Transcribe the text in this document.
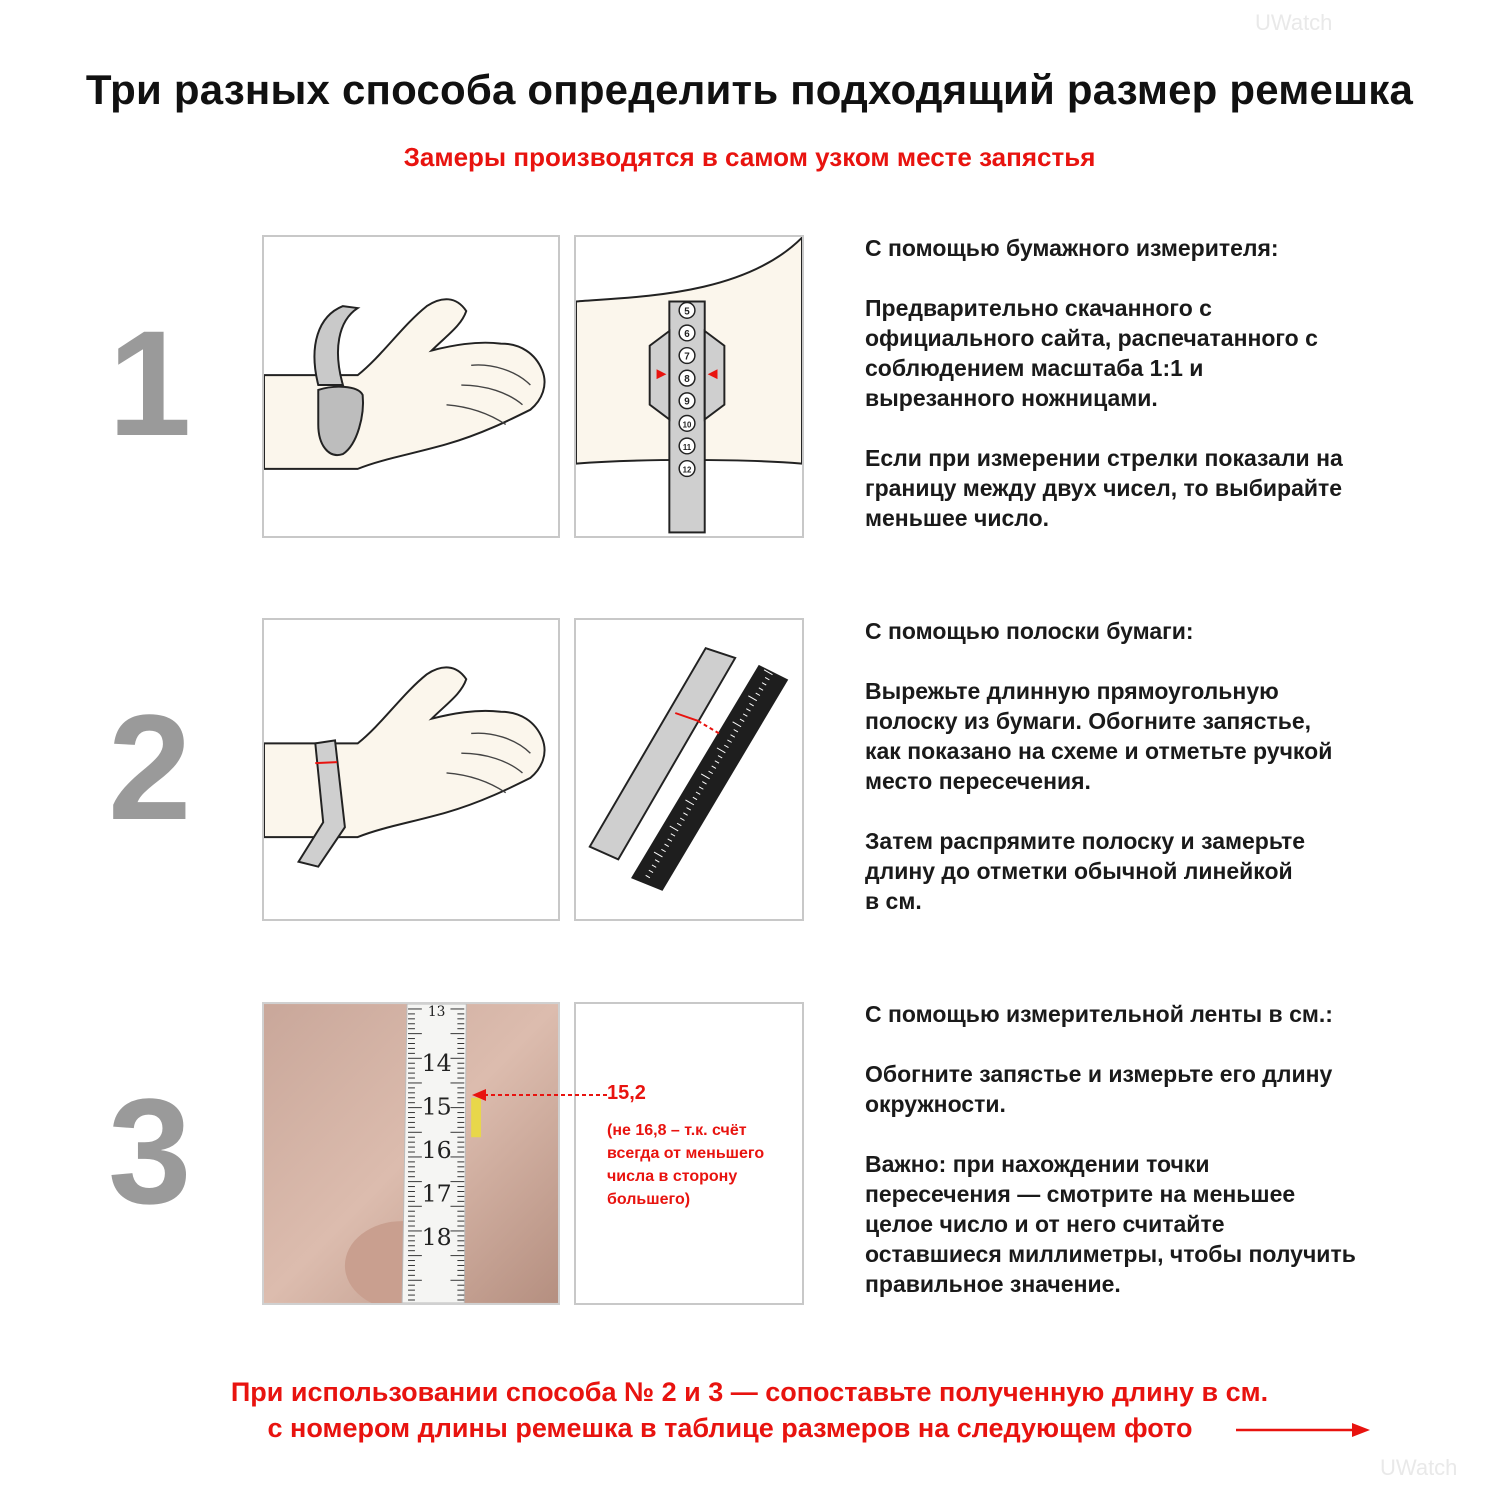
Три разных способа определить подходящий размер ремешка
Замеры производятся в самом узком месте запястья
UWatch
UWatch
1	5
6
7
8
9
10
11
12
С помощью бумажного измерителя:

Предварительно скачанного с
официального сайта, распечатанного с
соблюдением масштаба 1:1 и
вырезанного ножницами.

Если при измерении стрелки показали на
границу между двух чисел, то выбирайте
меньшее число.

2
С помощью полоски бумаги:

Вырежьте длинную прямоугольную
полоску из бумаги. Обогните запястье,
как показано на схеме и отметьте ручкой
место пересечения.

Затем распрямите полоску и замерьте
длину до отметки обычной линейкой
в см.

3
13
14
15
16
17
18
15,2
(не 16,8 – т.к. счёт
всегда от меньшего
числа в сторону
большего)
С помощью измерительной ленты в см.:

Обогните запястье и измерьте его длину
окружности.

Важно: при нахождении точки
пересечения — смотрите на меньшее
целое число и от него считайте
оставшиеся миллиметры, чтобы получить
правильное значение.

При использовании способа № 2 и 3 — сопоставьте полученную длину в см.
с номером длины ремешка в таблице размеров на следующем фото
